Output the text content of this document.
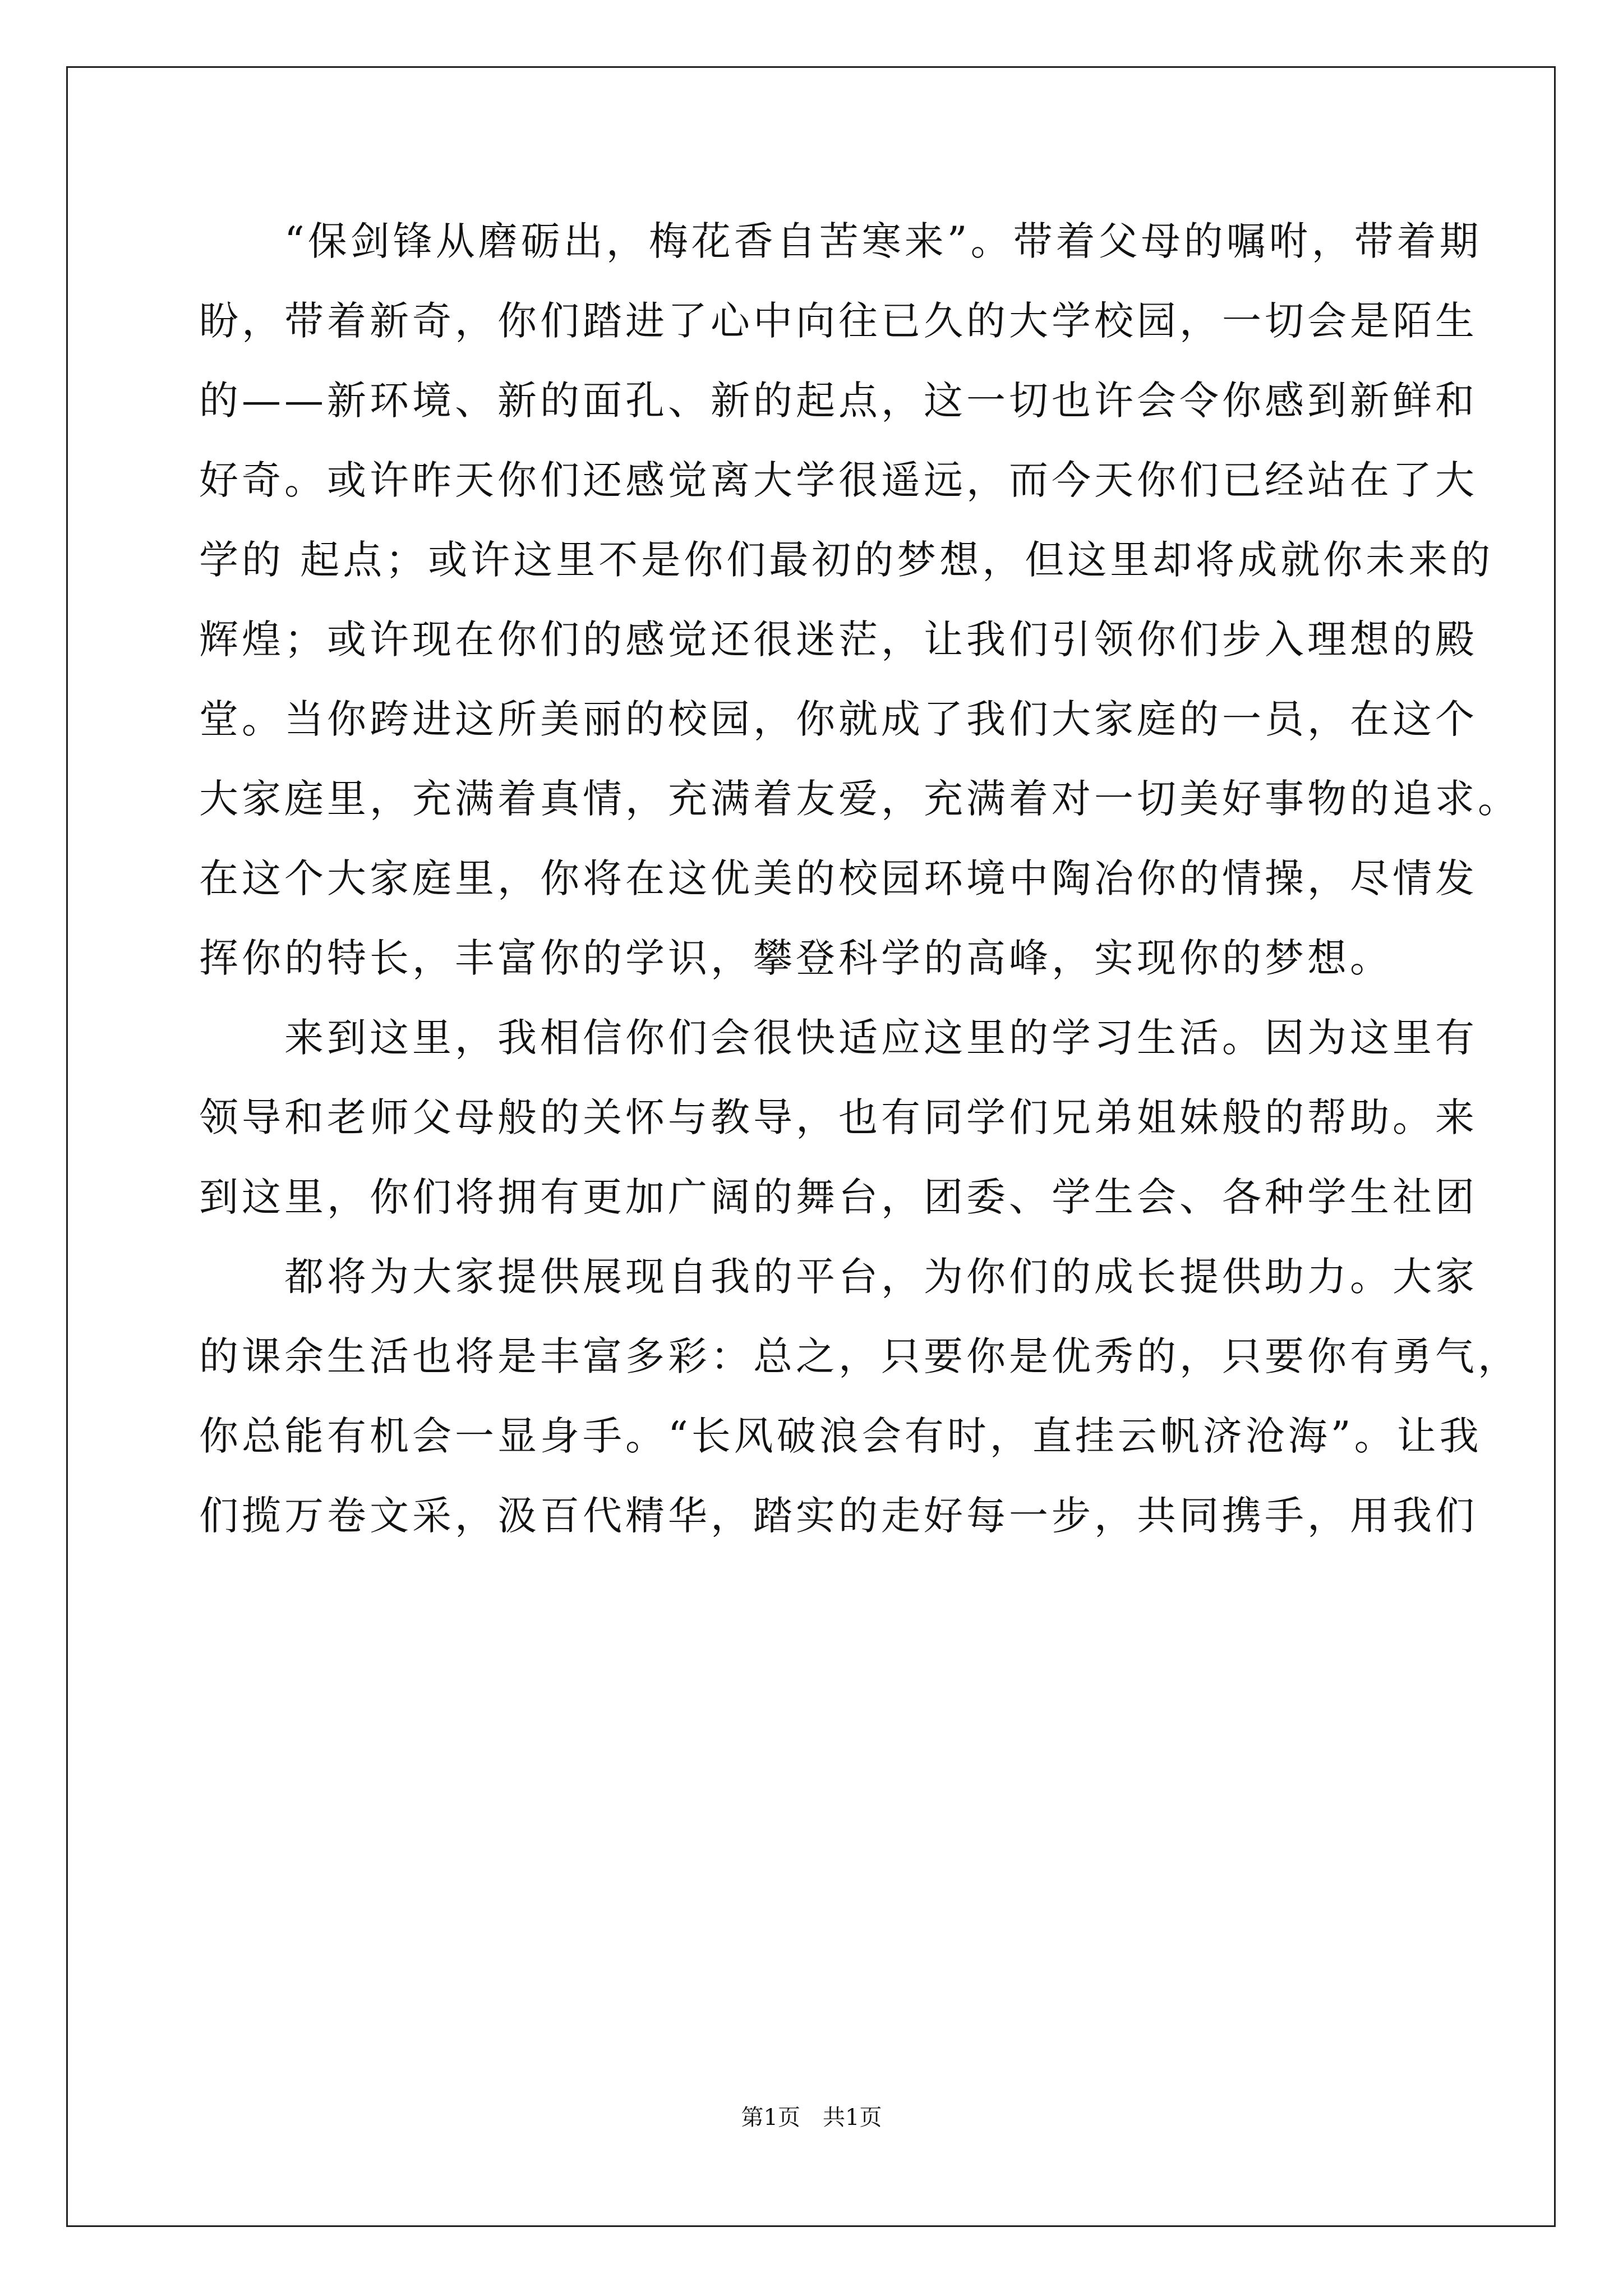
　　“保剑锋从磨砺出，梅花香自苦寒来”。带着父母的嘱咐，带着期
盼，带着新奇，你们踏进了心中向往已久的大学校园，一切会是陌生
的——新环境、新的面孔、新的起点，这一切也许会令你感到新鲜和
好奇。或许昨天你们还感觉离大学很遥远，而今天你们已经站在了大
学的 起点；或许这里不是你们最初的梦想，但这里却将成就你未来的
辉煌；或许现在你们的感觉还很迷茫，让我们引领你们步入理想的殿
堂。当你跨进这所美丽的校园，你就成了我们大家庭的一员，在这个
大家庭里，充满着真情，充满着友爱，充满着对一切美好事物的追求。
在这个大家庭里，你将在这优美的校园环境中陶冶你的情操，尽情发
挥你的特长，丰富你的学识，攀登科学的高峰，实现你的梦想。
　　来到这里，我相信你们会很快适应这里的学习生活。因为这里有
领导和老师父母般的关怀与教导，也有同学们兄弟姐妹般的帮助。来
到这里，你们将拥有更加广阔的舞台，团委、学生会、各种学生社团
　　都将为大家提供展现自我的平台，为你们的成长提供助力。大家
的课余生活也将是丰富多彩：总之，只要你是优秀的，只要你有勇气，
你总能有机会一显身手。“长风破浪会有时，直挂云帆济沧海”。让我
们揽万卷文采，汲百代精华，踏实的走好每一步，共同携手，用我们
第1页　共1页
